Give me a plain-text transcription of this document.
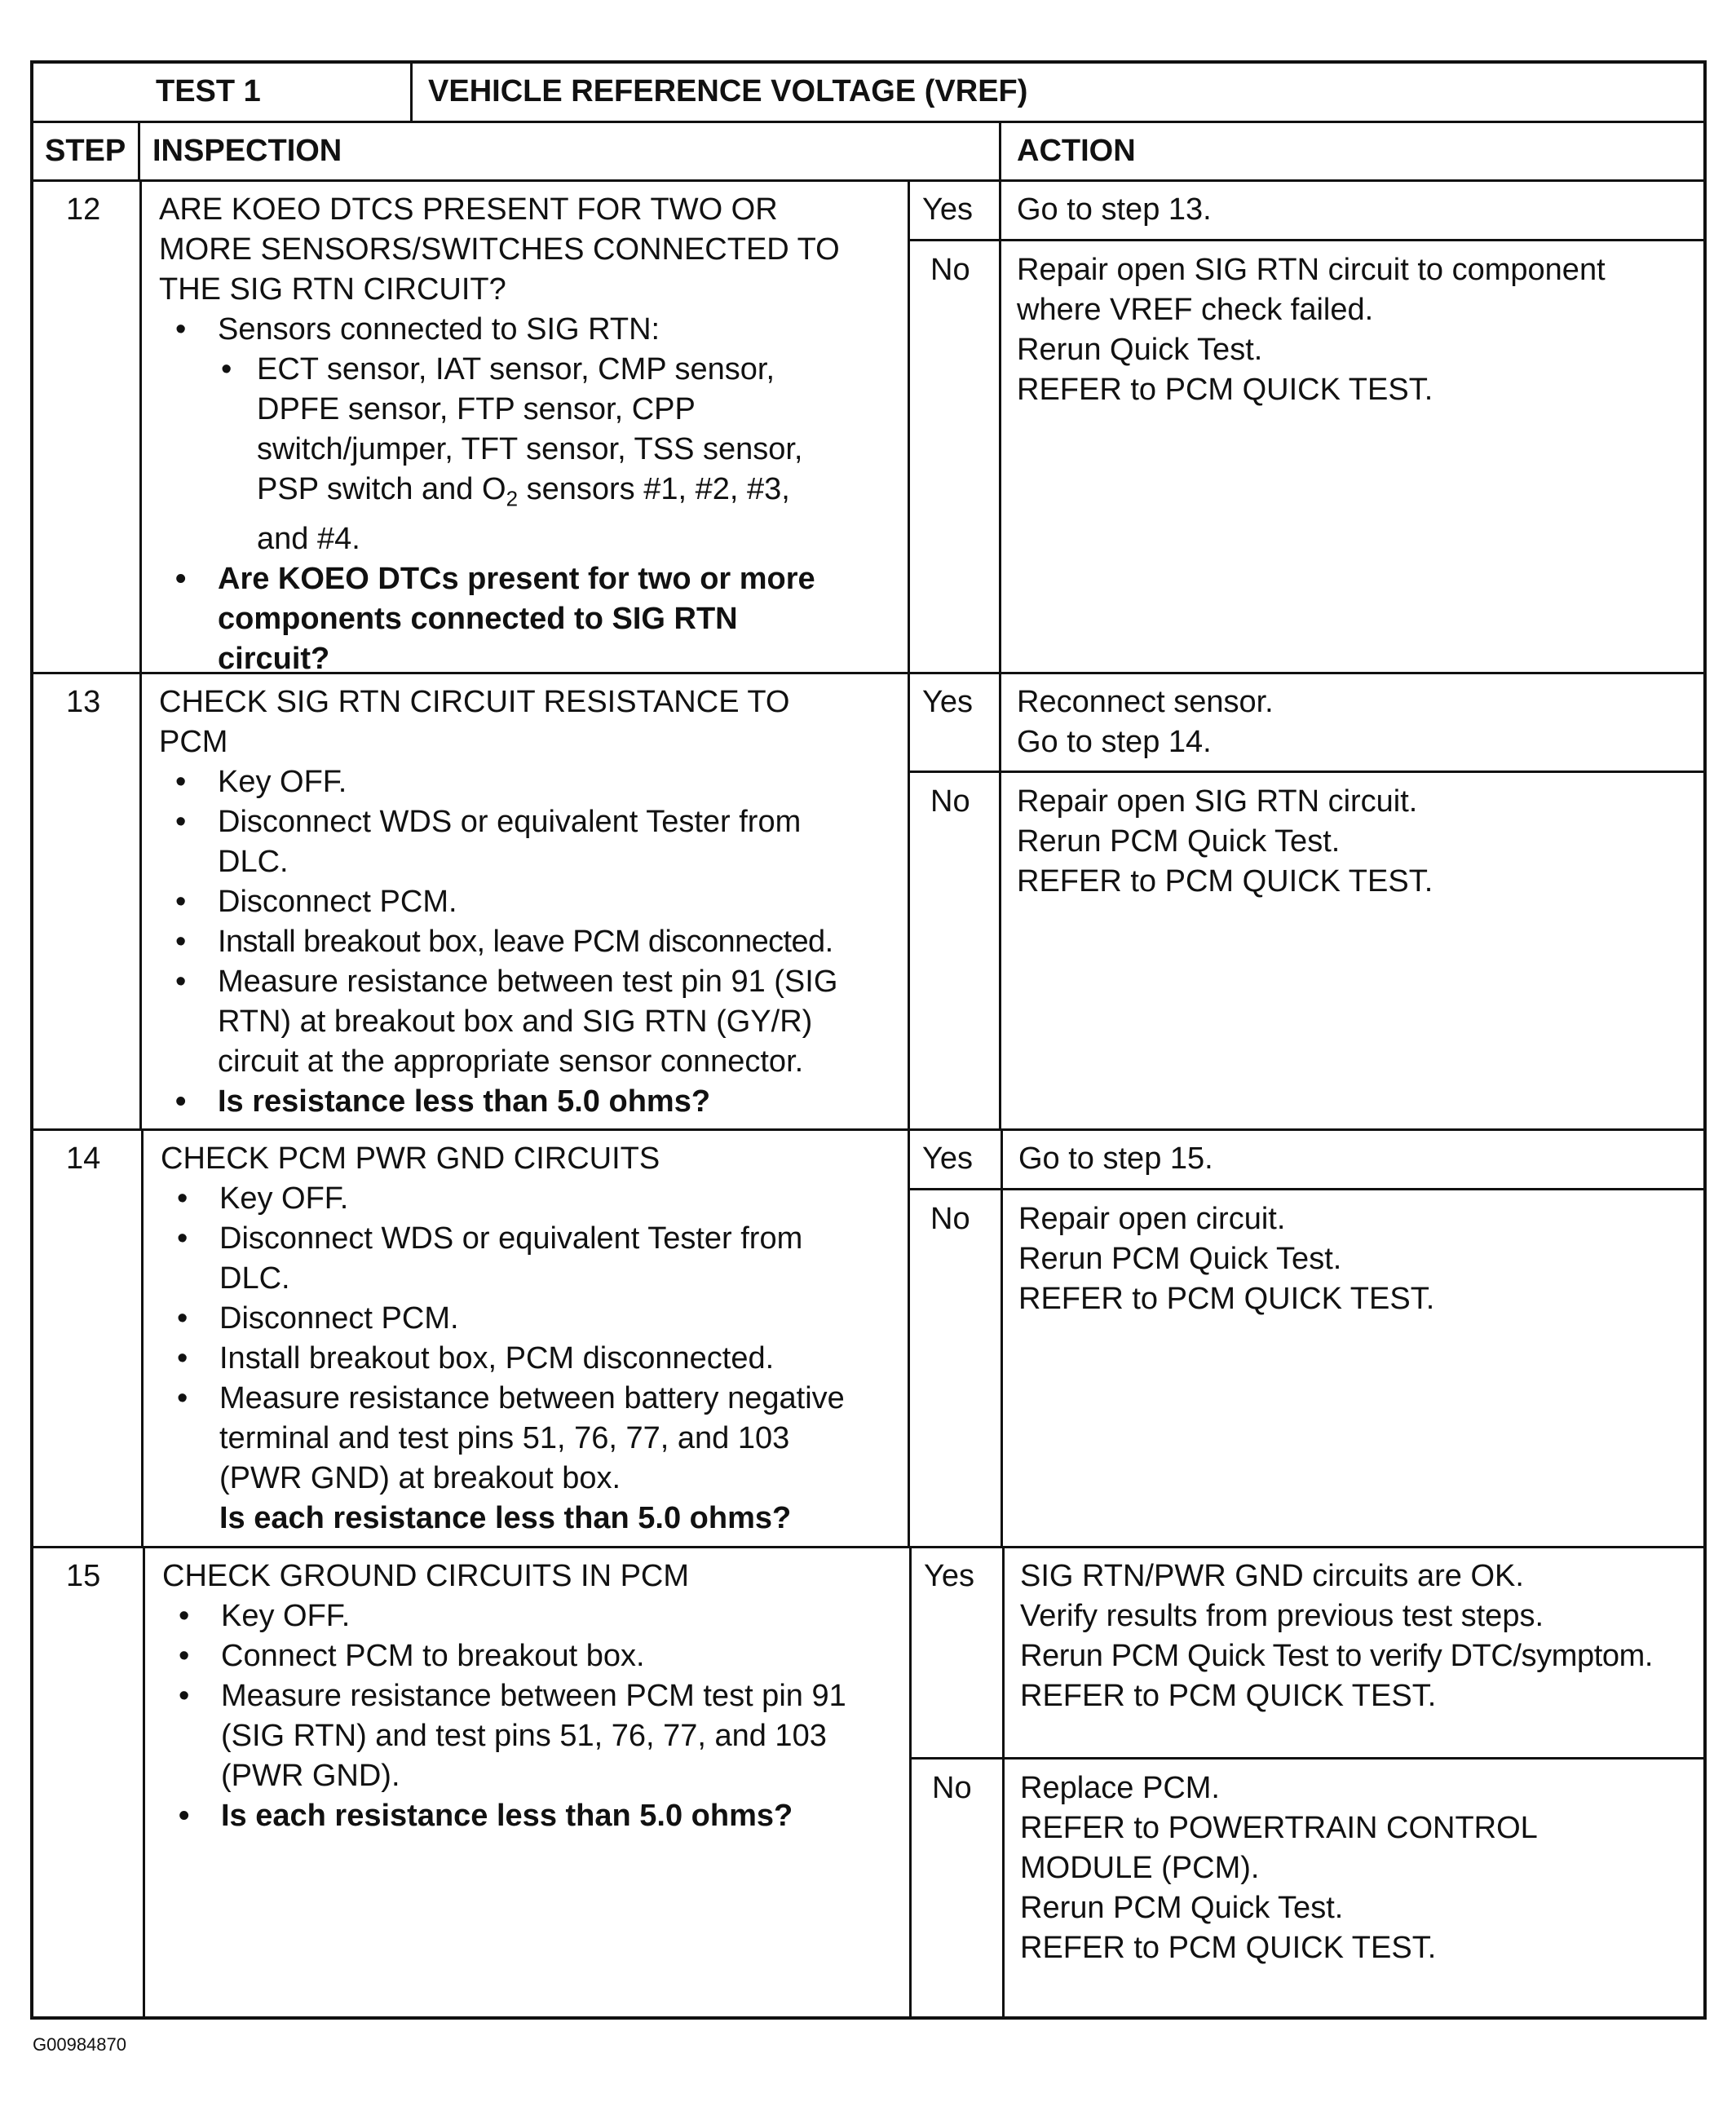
TEST 1	VEHICLE REFERENCE VOLTAGE (VREF)
STEP INSPECTION	ACTION
12 ARE KOEO DTCS PRESENT FOR TWO OR
MORE SENSORS/SWITCHES CONNECTED TO
THE SIG RTN CIRCUIT?
• Sensors connected to SIG RTN:
• ECT sensor, IAT sensor, CMP sensor,
DPFE sensor, FTP sensor, CPP
switch/jumper, TFT sensor, TSS sensor,
PSP switch and $O_2$ sensors #1, #2, #3,
and #4.
• Are KOEO DTCs present for two or more
components connected to SIG RTN
circuit?
Yes Go to step 13.
No Repair open SIG RTN circuit to component
where VREF check failed.
Rerun Quick Test.
REFER to PCM QUICK TEST.
13 CHECK SIG RTN CIRCUIT RESISTANCE TO
PCM
• Key OFF.
• Disconnect WDS or equivalent Tester from
DLC.
• Disconnect PCM.
• Install breakout box, leave PCM disconnected.
• Measure resistance between test pin 91 (SIG
RTN) at breakout box and SIG RTN (GY/R)
circuit at the appropriate sensor connector.
• Is resistance less than 5.0 ohms?
Yes Reconnect sensor.
Go to step 14.
No Repair open SIG RTN circuit.
Rerun PCM Quick Test.
REFER to PCM QUICK TEST.
14 CHECK PCM PWR GND CIRCUITS
• Key OFF.
• Disconnect WDS or equivalent Tester from
DLC.
• Disconnect PCM.
• Install breakout box, PCM disconnected.
• Measure resistance between battery negative
terminal and test pins 51, 76, 77, and 103
(PWR GND) at breakout box.
Is each resistance less than 5.0 ohms?
Yes Go to step 15.
No Repair open circuit.
Rerun PCM Quick Test.
REFER to PCM QUICK TEST.
15 CHECK GROUND CIRCUITS IN PCM
• Key OFF.
• Connect PCM to breakout box.
• Measure resistance between PCM test pin 91
(SIG RTN) and test pins 51, 76, 77, and 103
(PWR GND).
• Is each resistance less than 5.0 ohms?
Yes SIG RTN/PWR GND circuits are OK.
Verify results from previous test steps.
Rerun PCM Quick Test to verify DTC/symptom.
REFER to PCM QUICK TEST.
No Replace PCM.
REFER to POWERTRAIN CONTROL
MODULE (PCM).
Rerun PCM Quick Test.
REFER to PCM QUICK TEST.
G00984870
